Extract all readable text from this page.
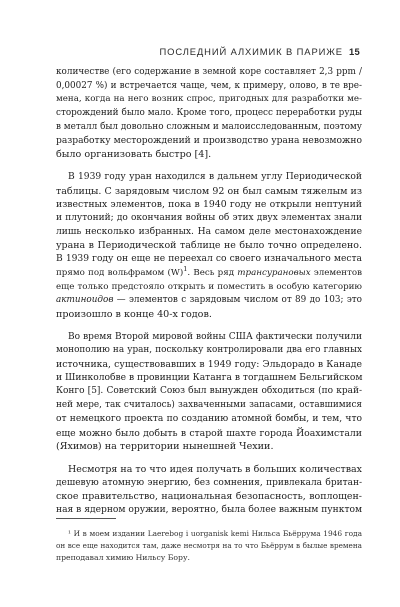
ПОСЛЕДНИЙ АЛХИМИК В ПАРИЖЕ 15

количестве (его содержание в земной коре составляет 2,3 ppm /

0,00027 %) и встречается чаще, чем, к примеру, олово, в те вре-

мена, когда на него возник спрос, пригодных для разработки ме-

сторождений было мало. Кроме того, процесс переработки руды

в металл был довольно сложным и малоисследованным, поэтому

разработку месторождений и производство урана невозможно

было организовать быстро [4].

В 1939 году уран находился в дальнем углу Периодической

таблицы. С зарядовым числом 92 он был самым тяжелым из

известных элементов, пока в 1940 году не открыли нептуний

и плутоний; до окончания войны об этих двух элементах знали

лишь несколько избранных. На самом деле местонахождение

урана в Периодической таблице не было точно определено.

В 1939 году он еще не переехал со своего изначального места

прямо под вольфрамом $(W)^1$. Весь ряд трансурановых элементов

еще только предстояло открыть и поместить в особую категорию

актиноидов — элементов с зарядовым числом от 89 до 103; это

произошло в конце 40-х годов.

Во время Второй мировой войны США фактически получили

монополию на уран, поскольку контролировали два его главных

источника, существовавших в 1949 году: Эльдорадо в Канаде

и Шинколобве в провинции Катанга в тогдашнем Бельгийском

Конго [5]. Советский Союз был вынужден обходиться (по край-

ней мере, так считалось) захваченными запасами, оставшимися

от немецкого проекта по созданию атомной бомбы, и тем, что

еще можно было добыть в старой шахте города Йоахимстали

(Яхимов) на территории нынешней Чехии.

Несмотря на то что идея получать в больших количествах

дешевую атомную энергию, без сомнения, привлекала британ-

ское правительство, национальная безопасность, воплощен-

ная в ядерном оружии, вероятно, была более важным пунктом

¹ И в моем издании Laerebog i uorganisk kemi Нильса Бьёррума 1946 года

он все еще находится там, даже несмотря на то что Бьёррум в былые времена

преподавал химию Нильсу Бору.
